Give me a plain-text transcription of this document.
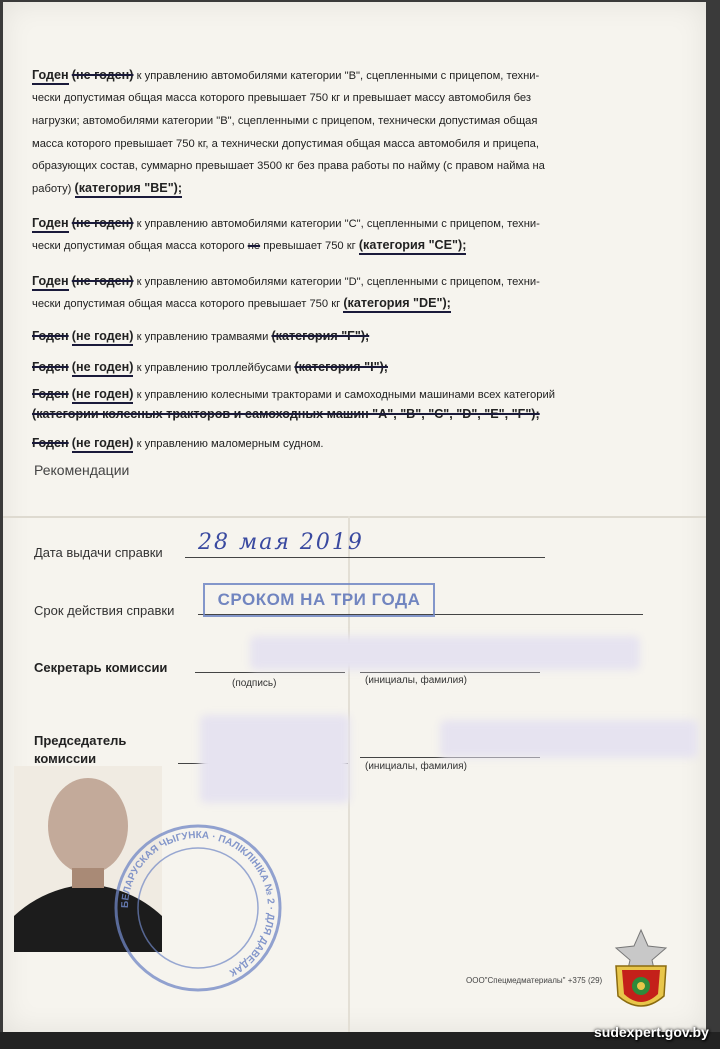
Годен (не годен) к управлению автомобилями категории "B", сцепленными с прицепом, техни-
чески допустимая общая масса которого превышает 750 кг и превышает массу автомобиля без
нагрузки; автомобилями категории "B", сцепленными с прицепом, технически допустимая общая
масса которого превышает 750 кг, а технически допустимая общая масса автомобиля и прицепа,
образующих состав, суммарно превышает 3500 кг без права работы по найму (с правом найма на
работу) (категория "BE");
Годен (не годен) к управлению автомобилями категории "C", сцепленными с прицепом, техни-
чески допустимая общая масса которого не превышает 750 кг (категория "CE");
Годен (не годен) к управлению автомобилями категории "D", сцепленными с прицепом, техни-
чески допустимая общая масса которого превышает 750 кг (категория "DE");
Годен (не годен) к управлению трамваями (категория "F");
Годен (не годен) к управлению троллейбусами (категория "I");
Годен (не годен) к управлению колесными тракторами и самоходными машинами всех категорий
(категории колесных тракторов и самоходных машин "A", "B", "C", "D", "E", "F");
Годен (не годен) к управлению маломерным судном.
Рекомендации
Дата выдачи справки 28 мая 2019
Срок действия справки
СРОКОМ НА ТРИ ГОДА
Секретарь комиссии
(подпись)	(инициалы, фамилия)
Председатель
комиссии
(инициалы, фамилия)
БЕЛАРУСКАЯ ЧЫГУНКА · ПАЛІКЛІНІКА № 2 · ДЛЯ ДАВЕДАК
ООО"Спецмедматериалы" +375 (29)
sudexpert.gov.by
